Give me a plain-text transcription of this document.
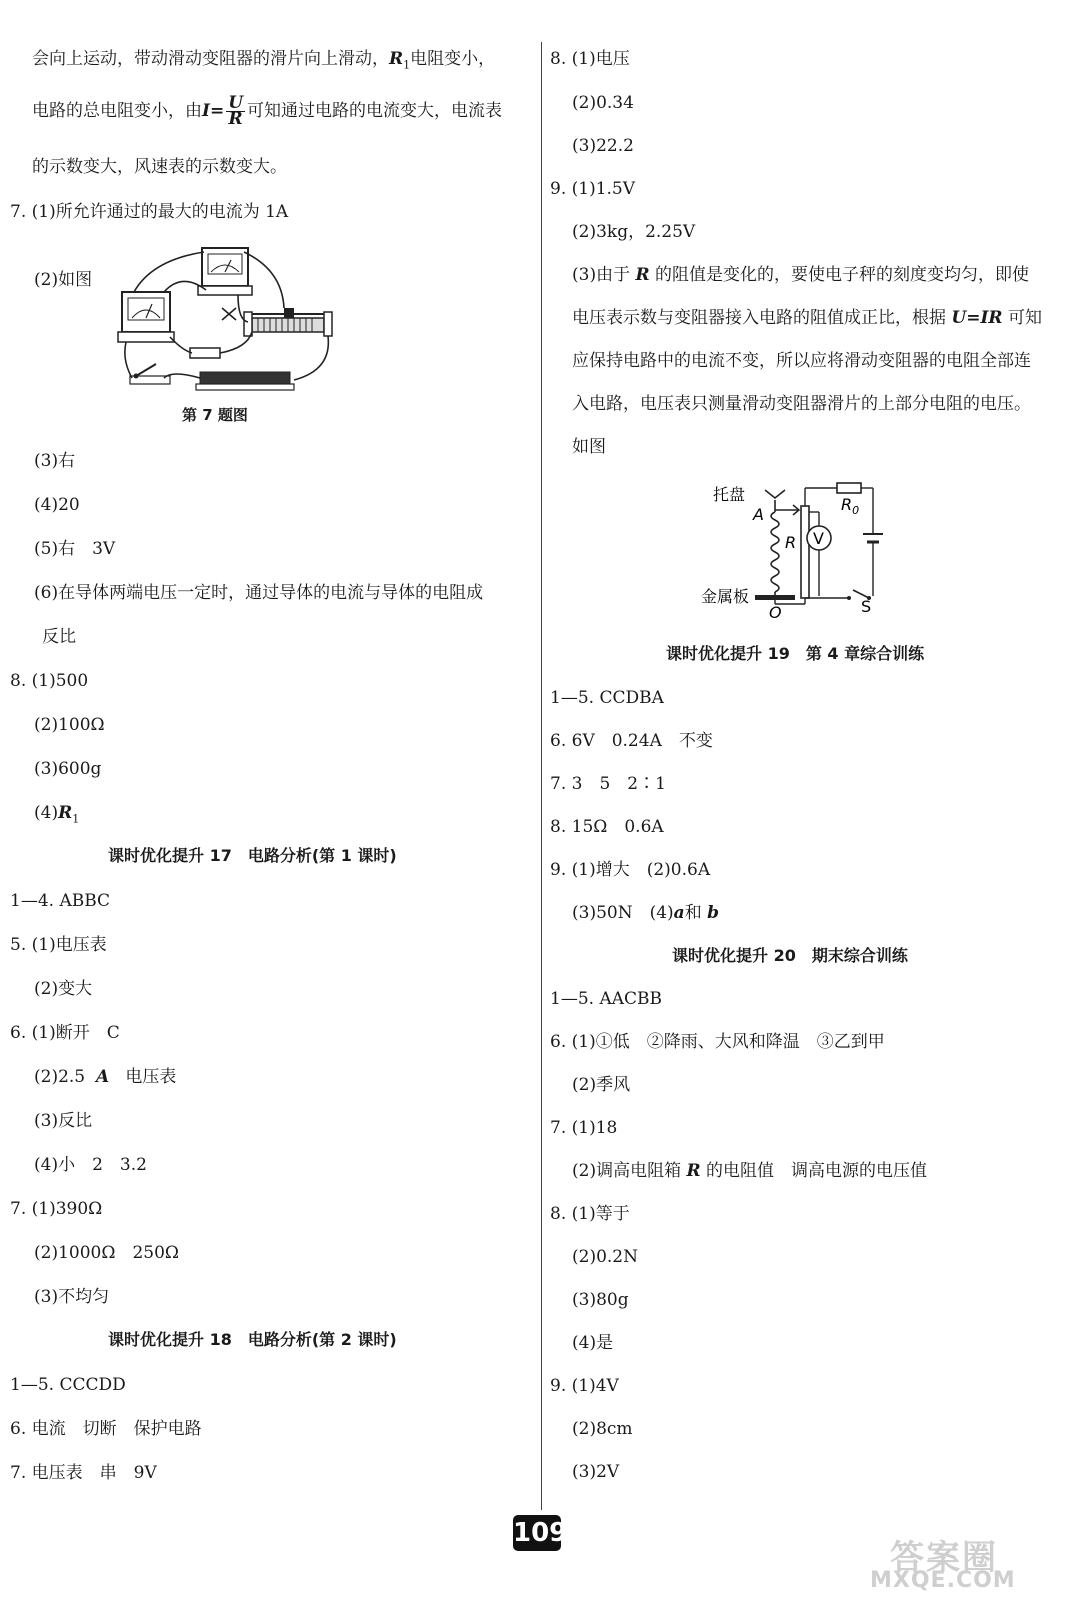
会向上运动，带动滑动变阻器的滑片向上滑动，$R_1$电阻变小，
电路的总电阻变小，由$I= \frac{U}{R}$ 可知通过电路的电流变大，电流表
的示数变大，风速表的示数变大。
7. (1)所允许通过的最大的电流为 1A
(2)如图
第 7 题图
(3)右
(4)20
(5)右　3V
(6)在导体两端电压一定时，通过导体的电流与导体的电阻成
反比
8. (1)500
(2)100Ω
(3)600g
$(4)R_1$
课时优化提升 17　电路分析(第 1 课时)
1—4. ABBC
5. (1)电压表
(2)变大
6. (1)断开　C
(2)2.5 A 电压表
(3)反比
(4)小　2　3.2
7. (1)390Ω
(2)1000Ω　250Ω
(3)不均匀
课时优化提升 18　电路分析(第 2 课时)
1—5. CCCDD
6. 电流　切断　保护电路
7. 电压表　串　9V
8. (1)电压
(2)0.34
(3)22.2
9. (1)1.5V
(2)3kg，2.25V
(3)由于 R 的阻值是变化的，要使电子秤的刻度变均匀，即使
电压表示数与变阻器接入电路的阻值成正比，根据 U=IR 可知
应保持电路中的电流不变，所以应将滑动变阻器的电阻全部连
入电路，电压表只测量滑动变阻器滑片的上部分电阻的电压。
如图
托盘
A
R V
$R_0$
金属板
O	S
课时优化提升 19　第 4 章综合训练
1—5. CCDBA
6. 6V　0.24A　不变
7. 3　5　2∶1
8. 15Ω　0.6A
9. (1)增大　(2)0.6A
(3)50N　(4)a和 b
课时优化提升 20　期末综合训练
1—5. AACBB
6. (1)①低　②降雨、大风和降温　③乙到甲
(2)季风
7. (1)18
(2)调高电阻箱 R 的电阻值　调高电源的电压值
8. (1)等于
(2)0.2N
(3)80g
(4)是
9. (1)4V
(2)8cm
(3)2V
109
答案圈
MXQE.COM
